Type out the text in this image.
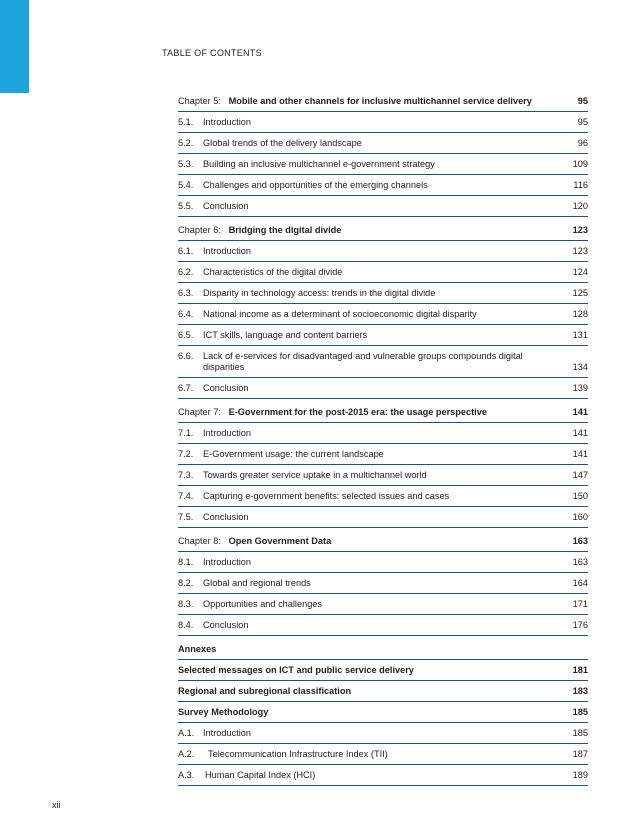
TABLE OF CONTENTS
Chapter 5: Mobile and other channels for inclusive multichannel service delivery	95
5.1. Introduction	95
5.2. Global trends of the delivery landscape	96
5.3. Building an inclusive multichannel e-government strategy	109
5.4. Challenges and opportunities of the emerging channels	116
5.5. Conclusion	120
Chapter 6: Bridging the digital divide	123
6.1. Introduction	123
6.2. Characteristics of the digital divide	124
6.3. Disparity in technology access: trends in the digital divide	125
6.4. National income as a determinant of socioeconomic digital disparity	128
6.5. ICT skills, language and content barriers	131
6.6.	Lack of e-services for disadvantaged and vulnerable groups compounds digital disparities	134
6.7. Conclusion	139
Chapter 7: E-Government for the post-2015 era: the usage perspective	141
7.1. Introduction	141
7.2. E-Government usage: the current landscape	141
7.3. Towards greater service uptake in a multichannel world	147
7.4. Capturing e-government benefits: selected issues and cases	150
7.5. Conclusion	160
Chapter 8: Open Government Data	163
8.1. Introduction	163
8.2. Global and regional trends	164
8.3. Opportunities and challenges	171
8.4. Conclusion	176
Annexes
Selected messages on ICT and public service delivery	181
Regional and subregional classification	183
Survey Methodology	185
A.1. Introduction	185
A.2. Telecommunication Infrastructure Index (TII)	187
A.3. Human Capital Index (HCI)	189
xii
